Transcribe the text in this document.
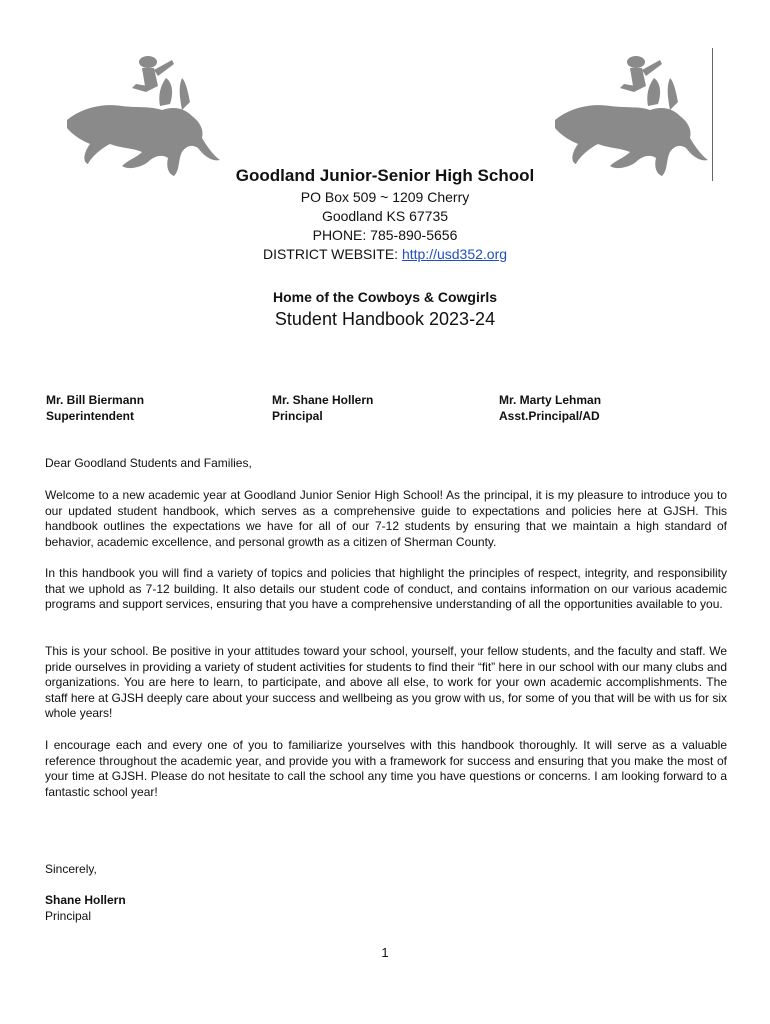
Goodland Junior-Senior High School
PO Box 509 ~ 1209 Cherry
Goodland KS 67735
PHONE: 785-890-5656
DISTRICT WEBSITE: http://usd352.org
Home of the Cowboys & Cowgirls
Student Handbook 2023-24
Mr. Bill Biermann
Superintendent
Mr. Shane Hollern
Principal
Mr. Marty Lehman
Asst.Principal/AD
Dear Goodland Students and Families,
Welcome to a new academic year at Goodland Junior Senior High School! As the principal, it is my pleasure to introduce you to our updated student handbook, which serves as a comprehensive guide to expectations and policies here at GJSH. This handbook outlines the expectations we have for all of our 7-12 students by ensuring that we maintain a high standard of behavior, academic excellence, and personal growth as a citizen of Sherman County.
In this handbook you will find a variety of topics and policies that highlight the principles of respect, integrity, and responsibility that we uphold as 7-12 building. It also details our student code of conduct, and contains information on our various academic programs and support services, ensuring that you have a comprehensive understanding of all the opportunities available to you.
This is your school. Be positive in your attitudes toward your school, yourself, your fellow students, and the faculty and staff. We pride ourselves in providing a variety of student activities for students to find their “fit” here in our school with our many clubs and organizations. You are here to learn, to participate, and above all else, to work for your own academic accomplishments. The staff here at GJSH deeply care about your success and wellbeing as you grow with us, for some of you that will be with us for six whole years!
I encourage each and every one of you to familiarize yourselves with this handbook thoroughly. It will serve as a valuable reference throughout the academic year, and provide you with a framework for success and ensuring that you make the most of your time at GJSH. Please do not hesitate to call the school any time you have questions or concerns. I am looking forward to a fantastic school year!
Sincerely,
Shane Hollern
Principal
1
